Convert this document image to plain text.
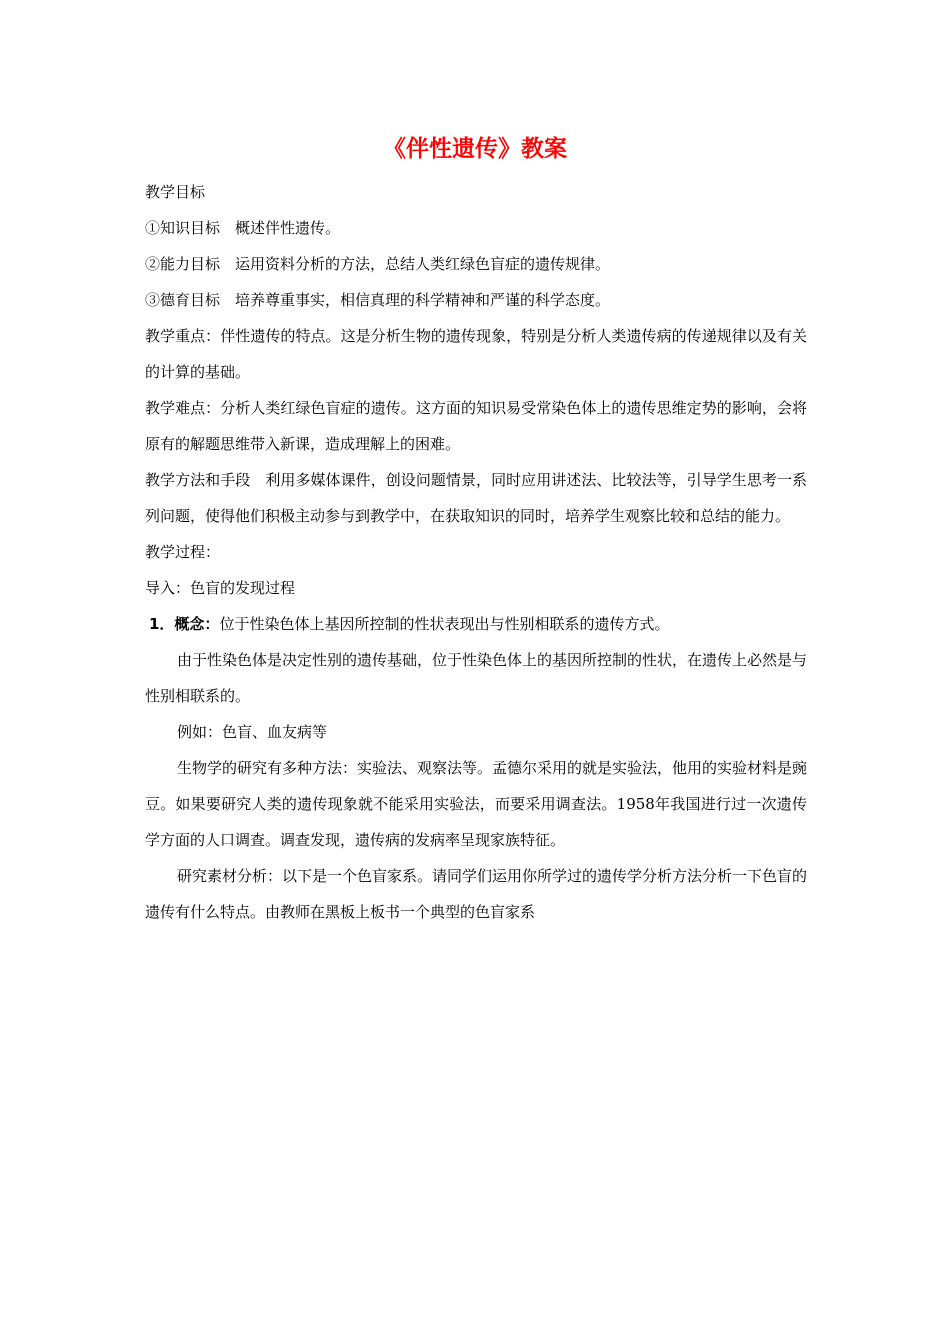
《伴性遗传》教案

教学目标

①知识目标　概述伴性遗传。

②能力目标　运用资料分析的方法，总结人类红绿色盲症的遗传规律。

③德育目标　培养尊重事实，相信真理的科学精神和严谨的科学态度。

教学重点：伴性遗传的特点。这是分析生物的遗传现象，特别是分析人类遗传病的传递规律以及有关的计算的基础。

教学难点：分析人类红绿色盲症的遗传。这方面的知识易受常染色体上的遗传思维定势的影响，会将原有的解题思维带入新课，造成理解上的困难。

教学方法和手段　利用多媒体课件，创设问题情景，同时应用讲述法、比较法等，引导学生思考一系列问题，使得他们积极主动参与到教学中，在获取知识的同时，培养学生观察比较和总结的能力。

教学过程：

导入：色盲的发现过程

1．概念：位于性染色体上基因所控制的性状表现出与性别相联系的遗传方式。

由于性染色体是决定性别的遗传基础，位于性染色体上的基因所控制的性状，在遗传上必然是与性别相联系的。

例如：色盲、血友病等

生物学的研究有多种方法：实验法、观察法等。孟德尔采用的就是实验法，他用的实验材料是豌豆。如果要研究人类的遗传现象就不能采用实验法，而要采用调查法。1958年我国进行过一次遗传学方面的人口调查。调查发现，遗传病的发病率呈现家族特征。

研究素材分析：以下是一个色盲家系。请同学们运用你所学过的遗传学分析方法分析一下色盲的遗传有什么特点。由教师在黑板上板书一个典型的色盲家系
